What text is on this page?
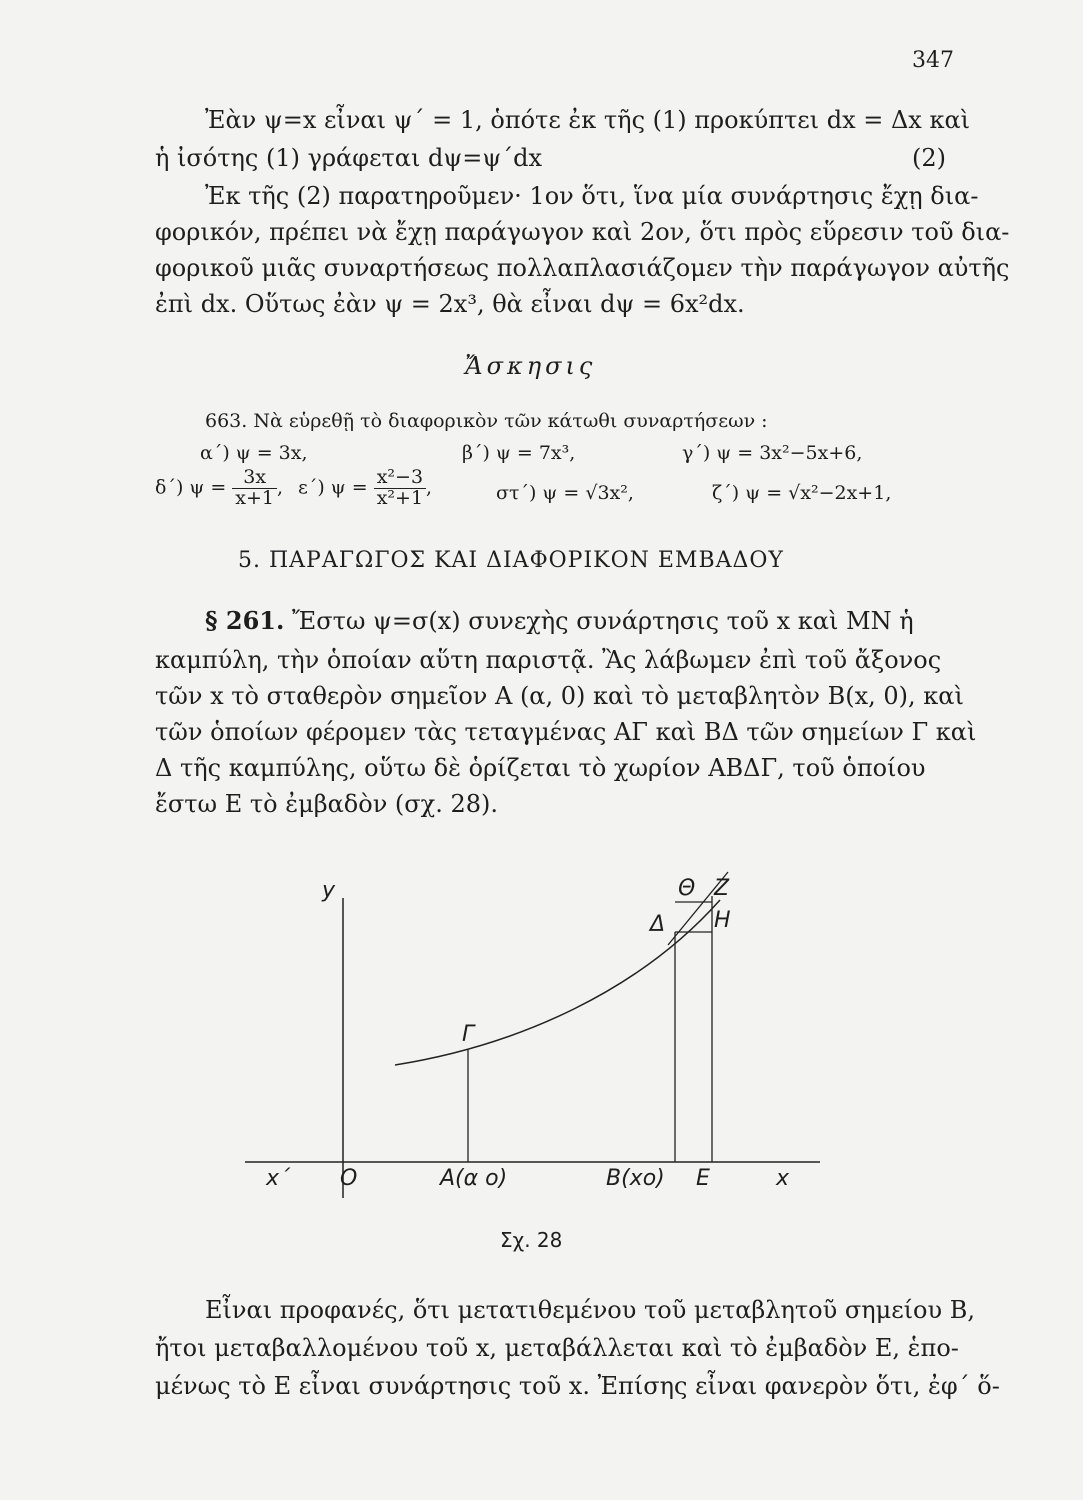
347
Ἐὰν ψ=x εἶναι ψ΄ = 1, ὁπότε ἐκ τῆς (1) προκύπτει dx = Δx καὶ
ἡ ἰσότης (1) γράφεται dψ=ψ΄dx	(2)
Ἐκ τῆς (2) παρατηροῦμεν· 1ον ὅτι, ἵνα μία συνάρτησις ἔχῃ δια-
φορικόν, πρέπει νὰ ἔχῃ παράγωγον καὶ 2ον, ὅτι πρὸς εὕρεσιν τοῦ δια-
φορικοῦ μιᾶς συναρτήσεως πολλαπλασιάζομεν τὴν παράγωγον αὐτῆς
ἐπὶ dx. Οὕτως ἐὰν ψ = 2x³, θὰ εἶναι dψ = 6x²dx.
Ἄσκησις
663. Νὰ εὑρεθῇ τὸ διαφορικὸν τῶν κάτωθι συναρτήσεων :
α΄) ψ = 3x,	β΄) ψ = 7x³,	γ΄) ψ = 3x²−5x+6,
δ΄) $\psi = \frac{3x}{x+1}$ , ε΄) $\psi = \frac{\text{x²−3}}{\text{x²+1}}$ ,	στ΄) ψ = √3x²,	ζ΄) ψ = √x²−2x+1,
5. ΠΑΡΑΓΩΓΟΣ ΚΑΙ ΔΙΑΦΟΡΙΚΟΝ ΕΜΒΑΔΟΥ
§ 261. Ἔστω ψ=σ(x) συνεχὴς συνάρτησις τοῦ x καὶ ΜΝ ἡ
καμπύλη, τὴν ὁποίαν αὕτη παριστᾷ. Ἂς λάβωμεν ἐπὶ τοῦ ἄξονος
τῶν x τὸ σταθερὸν σημεῖον Α (α, 0) καὶ τὸ μεταβλητὸν Β(x, 0), καὶ
τῶν ὁποίων φέρομεν τὰς τεταγμένας ΑΓ καὶ ΒΔ τῶν σημείων Γ καὶ
Δ τῆς καμπύλης, οὕτω δὲ ὁρίζεται τὸ χωρίον ΑΒΔΓ, τοῦ ὁποίου
ἔστω Ε τὸ ἐμβαδὸν (σχ. 28).
y	Θ Z
Δ H
Γ
x΄ O	A(α o)	B(xo) E	x
Σχ. 28
Εἶναι προφανές, ὅτι μετατιθεμένου τοῦ μεταβλητοῦ σημείου Β,
ἤτοι μεταβαλλομένου τοῦ x, μεταβάλλεται καὶ τὸ ἐμβαδὸν Ε, ἑπο-
μένως τὸ Ε εἶναι συνάρτησις τοῦ x. Ἐπίσης εἶναι φανερὸν ὅτι, ἐφ΄ ὅ-
